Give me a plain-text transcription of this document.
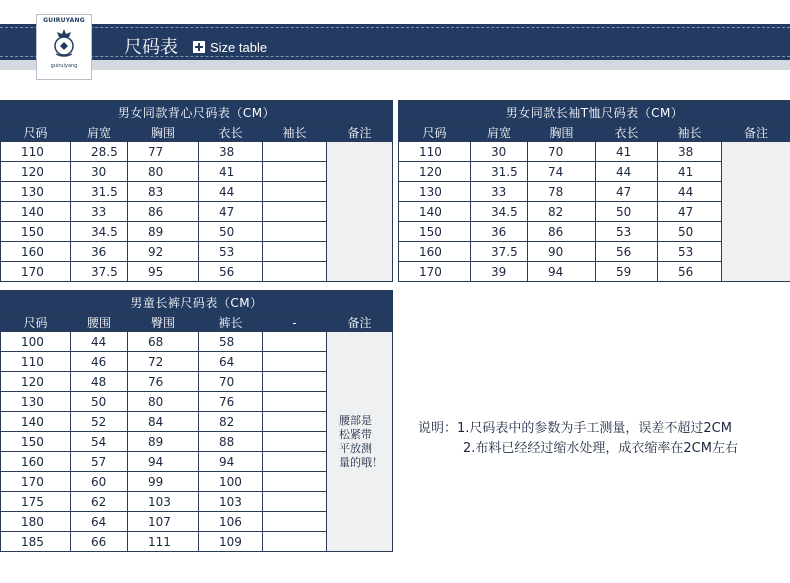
GUIRUYANG
guiruiyang
尺码表 Size table
男女同款背心尺码表（CM）					
尺码	肩宽	胸围	衣长	袖长	备注
110	28.5	77	38		
120	30	80	41		
130	31.5	83	44		
140	33	86	47		
150	34.5	89	50		
160	36	92	53		
170	37.5	95	56		
男女同款长袖T恤尺码表（CM）					
尺码	肩宽	胸围	衣长	袖长	备注
110	30	70	41	38	
120	31.5	74	44	41	
130	33	78	47	44	
140	34.5	82	50	47	
150	36	86	53	50	
160	37.5	90	56	53	
170	39	94	59	56	
男童长裤尺码表（CM）					
尺码	腰围	臀围	裤长	-	备注
100	44	68	58		腰部是
松紧带
平放测
量的哦！

110	46	72	64		
120	48	76	70		
130	50	80	76		
140	52	84	82		
150	54	89	88		
160	57	94	94		
170	60	99	100		
175	62	103	103		
180	64	107	106		
185	66	111	109		
说明：1.尺码表中的参数为手工测量，误差不超过2CM
2.布料已经经过缩水处理，成衣缩率在2CM左右
